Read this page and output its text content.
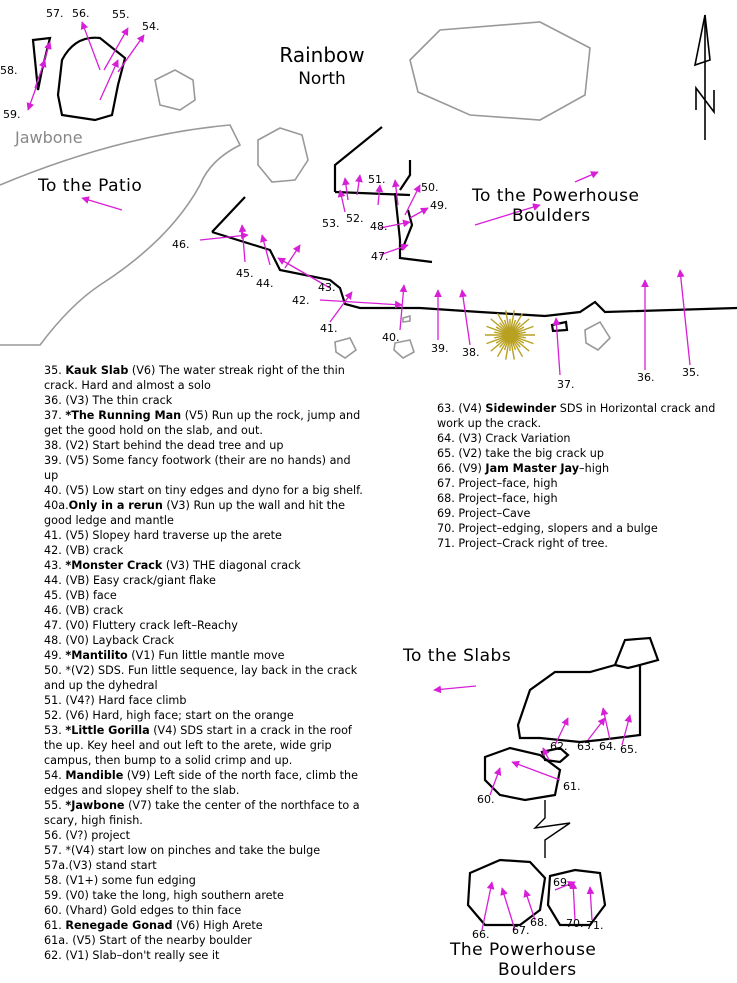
Rainbow
North
Jawbone
To the Patio	To the Powerhouse
Boulders
To the Slabs
The Powerhouse
Boulders
57. 56. 55.
54.
58.
59.
51.
50.
49.
48.
53. 52.
47.
46.
45.
44.	43.
42.
41.
40.
39. 38.
37.
36.	35.
62. 63. 64. 65.
61.
60.
69.
66. 67.
68. 70. 71.
35. Kauk Slab (V6) The water streak right of the thin crack. Hard and almost a solo
36. (V3) The thin crack
37. *The Running Man (V5) Run up the rock, jump and get the good hold on the slab, and out.
38. (V2) Start behind the dead tree and up
39. (V5) Some fancy footwork (their are no hands) and up
40. (V5) Low start on tiny edges and dyno for a big shelf.
40a.Only in a rerun (V3) Run up the wall and hit the good ledge and mantle
41. (V5) Slopey hard traverse up the arete
42. (VB) crack
43. *Monster Crack (V3) THE diagonal crack
44. (VB) Easy crack/giant flake
45. (VB) face
46. (VB) crack
47. (V0) Fluttery crack left–Reachy
48. (V0) Layback Crack
49. *Mantilito (V1) Fun little mantle move
50. *(V2) SDS. Fun little sequence, lay back in the crack and up the dyhedral
51. (V4?) Hard face climb
52. (V6) Hard, high face; start on the orange
53. *Little Gorilla (V4) SDS start in a crack in the roof the up. Key heel and out left to the arete, wide grip campus, then bump to a solid crimp and up.
54. Mandible (V9) Left side of the north face, climb the edges and slopey shelf to the slab.
55. *Jawbone (V7) take the center of the northface to a scary, high finish.
56. (V?) project
57. *(V4) start low on pinches and take the bulge
57a.(V3) stand start
58. (V1+) some fun edging
59. (V0) take the long, high southern arete
60. (Vhard) Gold edges to thin face
61. Renegade Gonad (V6) High Arete
61a. (V5) Start of the nearby boulder
62. (V1) Slab–don't really see it
63. (V4) Sidewinder SDS in Horizontal crack and work up the crack.
64. (V3) Crack Variation
65. (V2) take the big crack up
66. (V9) Jam Master Jay–high
67. Project–face, high
68. Project–face, high
69. Project–Cave
70. Project–edging, slopers and a bulge
71. Project–Crack right of tree.
